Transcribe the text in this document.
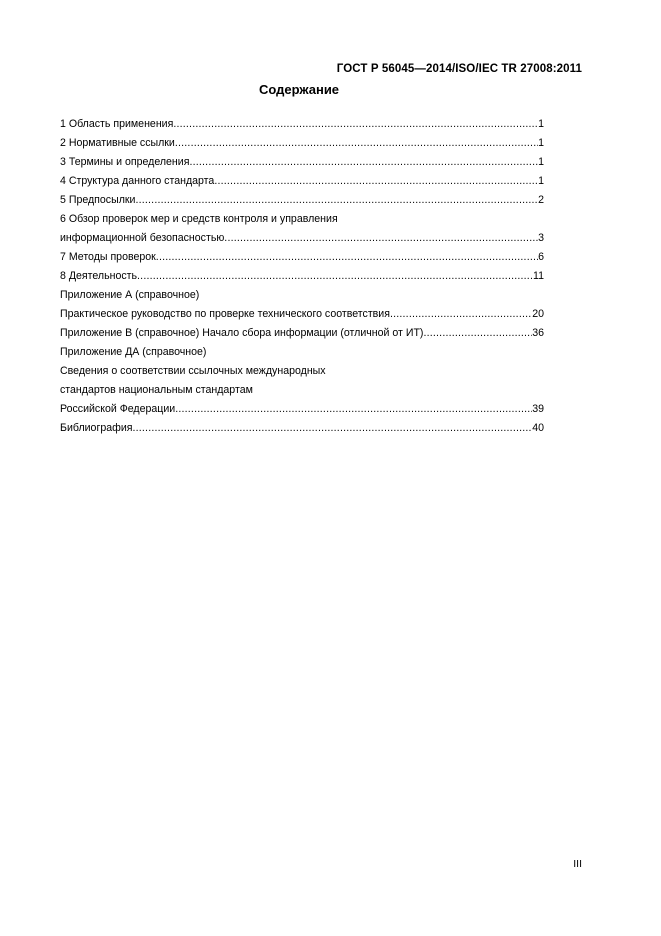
ГОСТ Р 56045—2014/ISO/IEC TR 27008:2011
Содержание
1 Область применения .....	1
2 Нормативные ссылки .....	1
3 Термины и определения .....	1
4 Структура данного стандарта .....	1
5 Предпосылки .....	2
6 Обзор проверок мер и средств контроля и управления
информационной безопасностью .....	3
7 Методы проверок .....	6
8 Деятельность .....	11
Приложение А (справочное)
Практическое руководство по проверке технического соответствия .....	20
Приложение В (справочное) Начало сбора информации (отличной от ИТ) .....	36
Приложение ДА (справочное)
Сведения о соответствии ссылочных международных
стандартов национальным стандартам
Российской Федерации .....	39
Библиография .....	40
III
